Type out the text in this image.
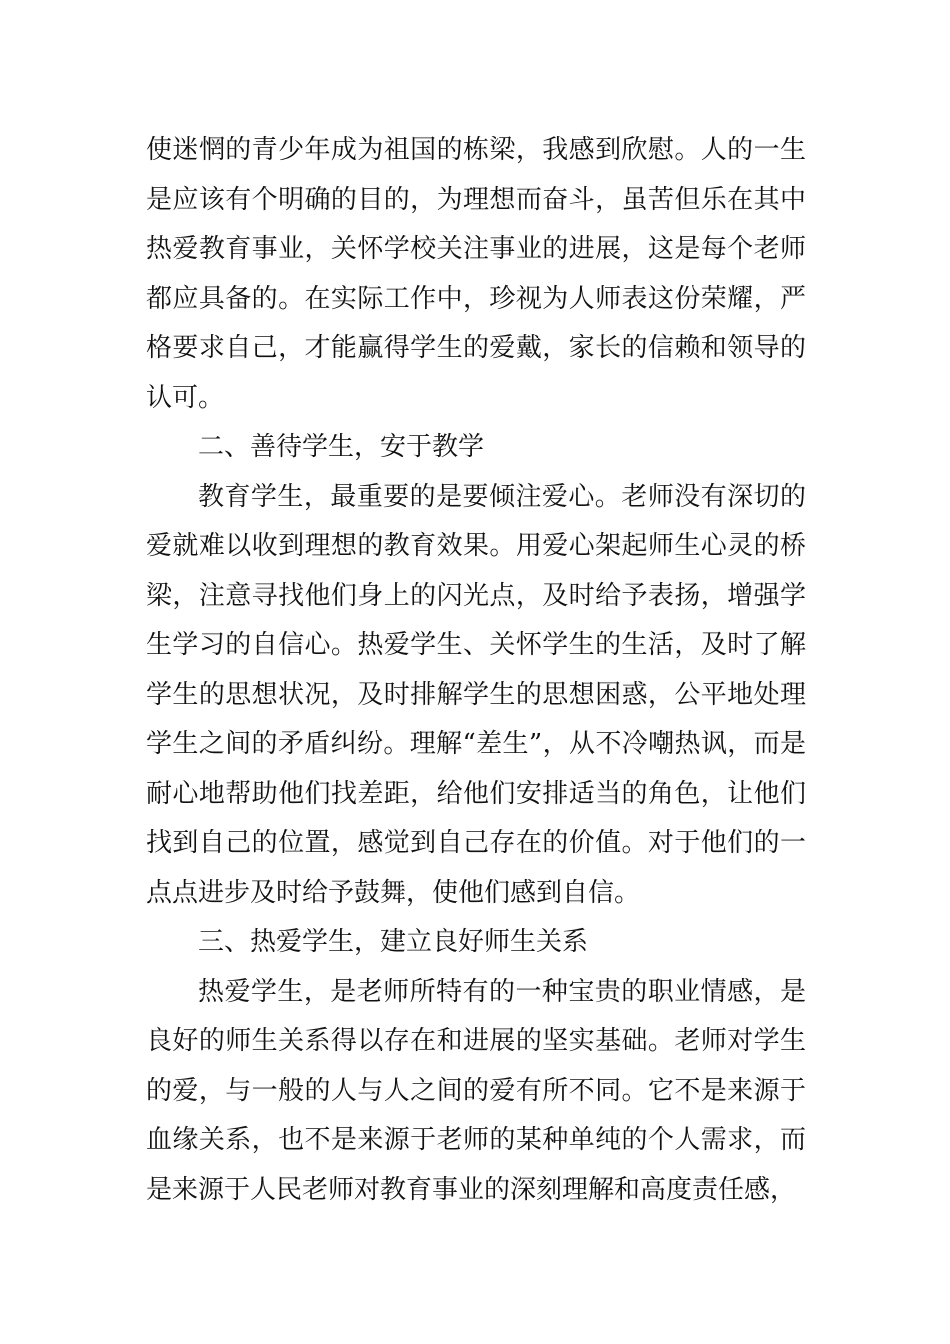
使迷惘的青少年成为祖国的栋梁，我感到欣慰。人的一生是应该有个明确的目的，为理想而奋斗，虽苦但乐在其中热爱教育事业，关怀学校关注事业的进展，这是每个老师都应具备的。在实际工作中，珍视为人师表这份荣耀，严格要求自己，才能赢得学生的爱戴，家长的信赖和领导的认可。

二、善待学生，安于教学

教育学生，最重要的是要倾注爱心。老师没有深切的爱就难以收到理想的教育效果。用爱心架起师生心灵的桥梁，注意寻找他们身上的闪光点，及时给予表扬，增强学生学习的自信心。热爱学生、关怀学生的生活，及时了解学生的思想状况，及时排解学生的思想困惑，公平地处理学生之间的矛盾纠纷。理解“差生”，从不冷嘲热讽，而是耐心地帮助他们找差距，给他们安排适当的角色，让他们找到自己的位置，感觉到自己存在的价值。对于他们的一点点进步及时给予鼓舞，使他们感到自信。

三、热爱学生，建立良好师生关系

热爱学生，是老师所特有的一种宝贵的职业情感，是良好的师生关系得以存在和进展的坚实基础。老师对学生的爱，与一般的人与人之间的爱有所不同。它不是来源于血缘关系，也不是来源于老师的某种单纯的个人需求，而是来源于人民老师对教育事业的深刻理解和高度责任感，
